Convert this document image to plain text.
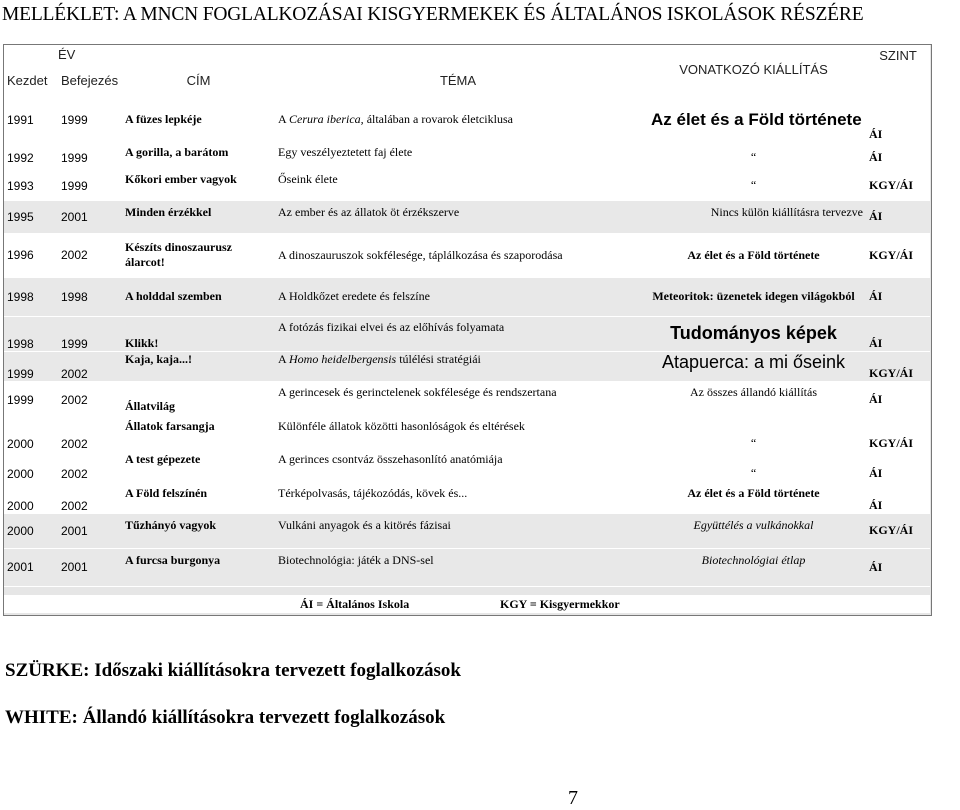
MELLÉKLET: A MNCN FOGLALKOZÁSAI KISGYERMEKEK ÉS ÁLTALÁNOS ISKOLÁSOK RÉSZÉRE
	ÉV			VONATKOZÓ KIÁLLÍTÁS	SZINT
Kezdet	Befejezés	CÍM	TÉMA		
1991	1999	A füzes lepkéje	A Cerura iberica, általában a rovarok életciklusa	Az élet és a Föld története	ÁI
1992	1999	A gorilla, a barátom	Egy veszélyeztetett faj élete	“	ÁI
1993	1999	Kőkori ember vagyok	Őseink élete	“	KGY/ÁI
1995	2001	Minden érzékkel	Az ember és az állatok öt érzékszerve	Nincs külön kiállításra tervezve	ÁI
1996	2002	Készíts dinoszaurusz álarcot!	A dinoszauruszok sokfélesége, táplálkozása és szaporodása	Az élet és a Föld története	KGY/ÁI
1998	1998	A holddal szemben	A Holdkőzet eredete és felszíne	Meteoritok: üzenetek idegen világokból	ÁI
1998	1999	Klikk!	A fotózás fizikai elvei és az előhívás folyamata	Tudományos képek	ÁI
1999	2002	Kaja, kaja...!	A Homo heidelbergensis túlélési stratégiái	Atapuerca: a mi őseink	KGY/ÁI
1999	2002	Állatvilág	A gerincesek és gerinctelenek sokfélesége és rendszertana	Az összes állandó kiállítás	ÁI
2000	2002	Állatok farsangja	Különféle állatok közötti hasonlóságok és eltérések	“	KGY/ÁI
2000	2002	A test gépezete	A gerinces csontváz összehasonlító anatómiája	“	ÁI
2000	2002	A Föld felszínén	Térképolvasás, tájékozódás, kövek és...	Az élet és a Föld története	ÁI
2000	2001	Tűzhányó vagyok	Vulkáni anyagok és a kitörés fázisai	Együttélés a vulkánokkal	KGY/ÁI
2001	2001	A furcsa burgonya	Biotechnológia: játék a DNS-sel	Biotechnológiai étlap	ÁI
ÁI = Általános Iskola	KGY = Kisgyermekkor
SZÜRKE: Időszaki kiállításokra tervezett foglalkozások
WHITE: Állandó kiállításokra tervezett foglalkozások
7
